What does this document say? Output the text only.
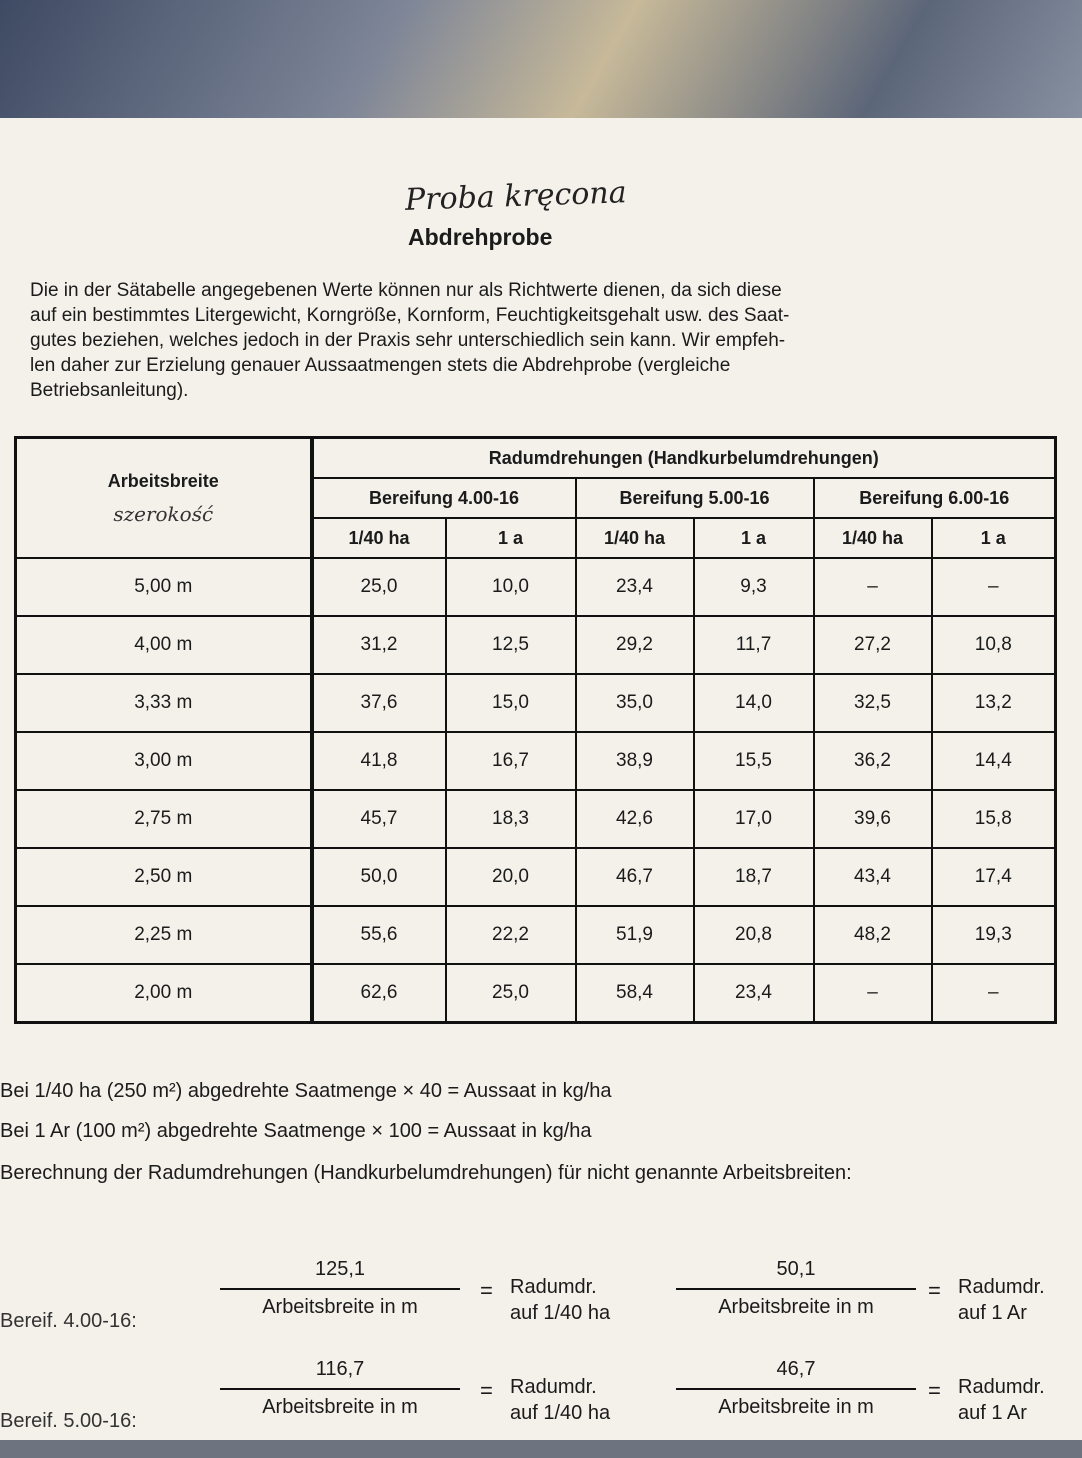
Proba kręcona
Abdrehprobe
Die in der Sätabelle angegebenen Werte können nur als Richtwerte dienen, da sich diese
auf ein bestimmtes Litergewicht, Korngröße, Kornform, Feuchtigkeitsgehalt usw. des Saat-
gutes beziehen, welches jedoch in der Praxis sehr unterschiedlich sein kann. Wir empfeh-
len daher zur Erzielung genauer Aussaatmengen stets die Abdrehprobe (vergleiche
Betriebsanleitung).
Arbeitsbreite
szerokość	Radumdrehungen (Handkurbelumdrehungen)					
	Bereifung 4.00-16		Bereifung 5.00-16		Bereifung 6.00-16	
	1/40 ha	1 a	1/40 ha	1 a	1/40 ha	1 a
5,00 m	25,0	10,0	23,4	9,3	–	–
4,00 m	31,2	12,5	29,2	11,7	27,2	10,8
3,33 m	37,6	15,0	35,0	14,0	32,5	13,2
3,00 m	41,8	16,7	38,9	15,5	36,2	14,4
2,75 m	45,7	18,3	42,6	17,0	39,6	15,8
2,50 m	50,0	20,0	46,7	18,7	43,4	17,4
2,25 m	55,6	22,2	51,9	20,8	48,2	19,3
2,00 m	62,6	25,0	58,4	23,4	–	–
Bei 1/40 ha (250 m²) abgedrehte Saatmenge × 40 = Aussaat in kg/ha
Bei 1 Ar (100 m²) abgedrehte Saatmenge × 100 = Aussaat in kg/ha
Berechnung der Radumdrehungen (Handkurbelumdrehungen) für nicht genannte Arbeitsbreiten:
Bereif. 4.00-16:
125,1
Arbeitsbreite in m
= Radumdr.
auf 1/40 ha
50,1
Arbeitsbreite in m
= Radumdr.
auf 1 Ar
Bereif. 5.00-16:
116,7
Arbeitsbreite in m
= Radumdr.
auf 1/40 ha
46,7
Arbeitsbreite in m
= Radumdr.
auf 1 Ar
